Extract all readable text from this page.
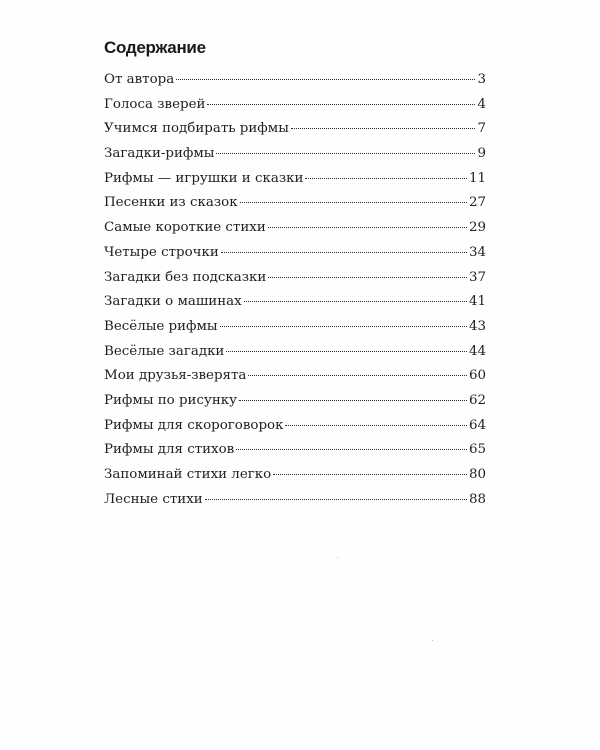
Содержание
От автора	3
Голоса зверей	4
Учимся подбирать рифмы	7
Загадки-рифмы	9
Рифмы — игрушки и сказки	11
Песенки из сказок	27
Самые короткие стихи	29
Четыре строчки	34
Загадки без подсказки	37
Загадки о машинах	41
Весёлые рифмы	43
Весёлые загадки	44
Мои друзья-зверята	60
Рифмы по рисунку	62
Рифмы для скороговорок	64
Рифмы для стихов	65
Запоминай стихи легко	80
Лесные стихи	88
